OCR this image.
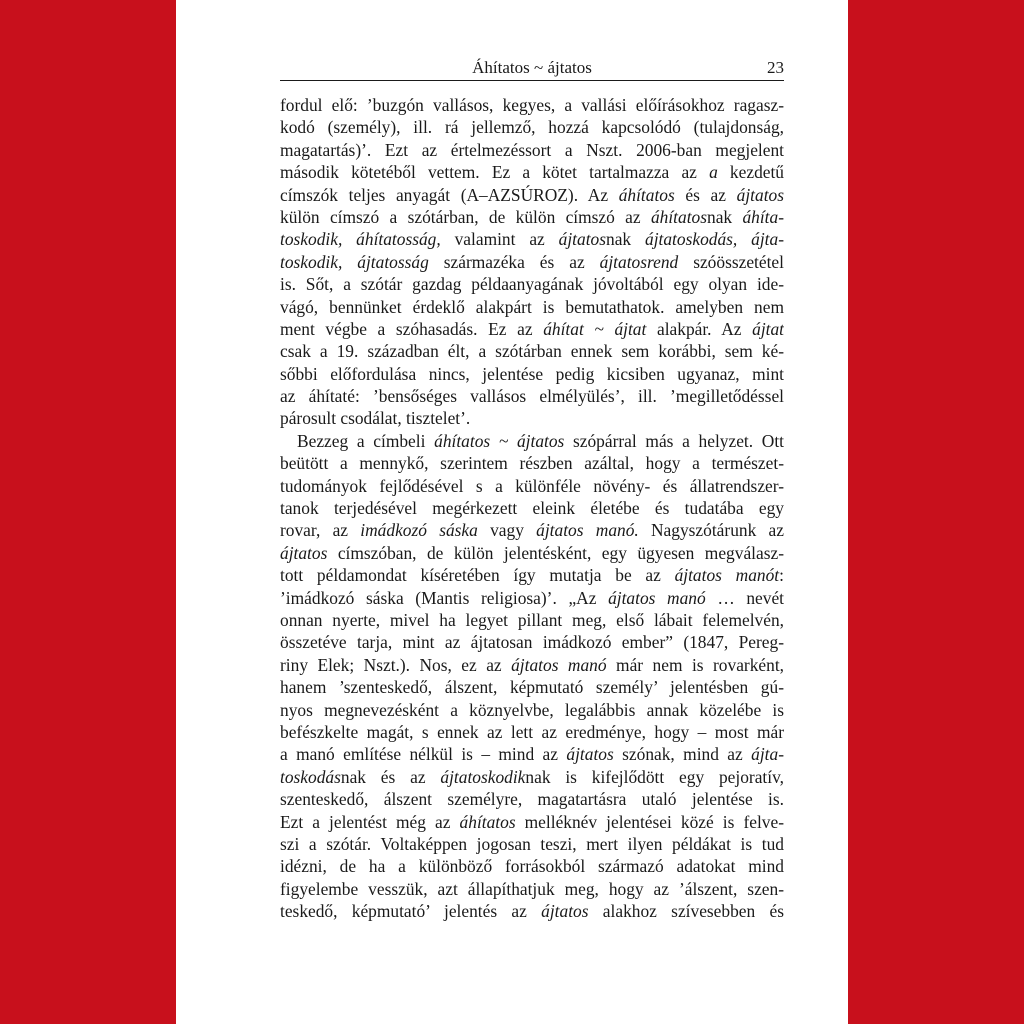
Áhítatos ~ ájtatos	23
fordul elő: ’buzgón vallásos, kegyes, a vallási előírásokhoz ragasz-
kodó (személy), ill. rá jellemző, hozzá kapcsolódó (tulajdonság,
magatartás)’. Ezt az értelmezéssort a Nszt. 2006-ban megjelent
második kötetéből vettem. Ez a kötet tartalmazza az a kezdetű
címszók teljes anyagát (A–AZSÚROZ). Az áhítatos és az ájtatos
külön címszó a szótárban, de külön címszó az áhítatosnak áhíta-
toskodik, áhítatosság, valamint az ájtatosnak ájtatoskodás, ájta-
toskodik, ájtatosság származéka és az ájtatosrend szóösszetétel
is. Sőt, a szótár gazdag példaanyagának jóvoltából egy olyan ide-
vágó, bennünket érdeklő alakpárt is bemutathatok. amelyben nem
ment végbe a szóhasadás. Ez az áhítat ~ ájtat alakpár. Az ájtat
csak a 19. században élt, a szótárban ennek sem korábbi, sem ké-
sőbbi előfordulása nincs, jelentése pedig kicsiben ugyanaz, mint
az áhítaté: ’bensőséges vallásos elmélyülés’, ill. ’megilletődéssel
párosult csodálat, tisztelet’.
Bezzeg a címbeli áhítatos ~ ájtatos szópárral más a helyzet. Ott
beütött a mennykő, szerintem részben azáltal, hogy a természet-
tudományok fejlődésével s a különféle növény- és állatrendszer-
tanok terjedésével megérkezett eleink életébe és tudatába egy
rovar, az imádkozó sáska vagy ájtatos manó. Nagyszótárunk az
ájtatos címszóban, de külön jelentésként, egy ügyesen megválasz-
tott példamondat kíséretében így mutatja be az ájtatos manót:
’imádkozó sáska (Mantis religiosa)’. „Az ájtatos manó … nevét
onnan nyerte, mivel ha legyet pillant meg, első lábait felemelvén,
összetéve tarja, mint az ájtatosan imádkozó ember” (1847, Pereg-
riny Elek; Nszt.). Nos, ez az ájtatos manó már nem is rovarként,
hanem ’szenteskedő, álszent, képmutató személy’ jelentésben gú-
nyos megnevezésként a köznyelvbe, legalábbis annak közelébe is
befészkelte magát, s ennek az lett az eredménye, hogy – most már
a manó említése nélkül is – mind az ájtatos szónak, mind az ájta-
toskodásnak és az ájtatoskodiknak is kifejlődött egy pejoratív,
szenteskedő, álszent személyre, magatartásra utaló jelentése is.
Ezt a jelentést még az áhítatos melléknév jelentései közé is felve-
szi a szótár. Voltaképpen jogosan teszi, mert ilyen példákat is tud
idézni, de ha a különböző forrásokból származó adatokat mind
figyelembe vesszük, azt állapíthatjuk meg, hogy az ’álszent, szen-
teskedő, képmutató’ jelentés az ájtatos alakhoz szívesebben és
